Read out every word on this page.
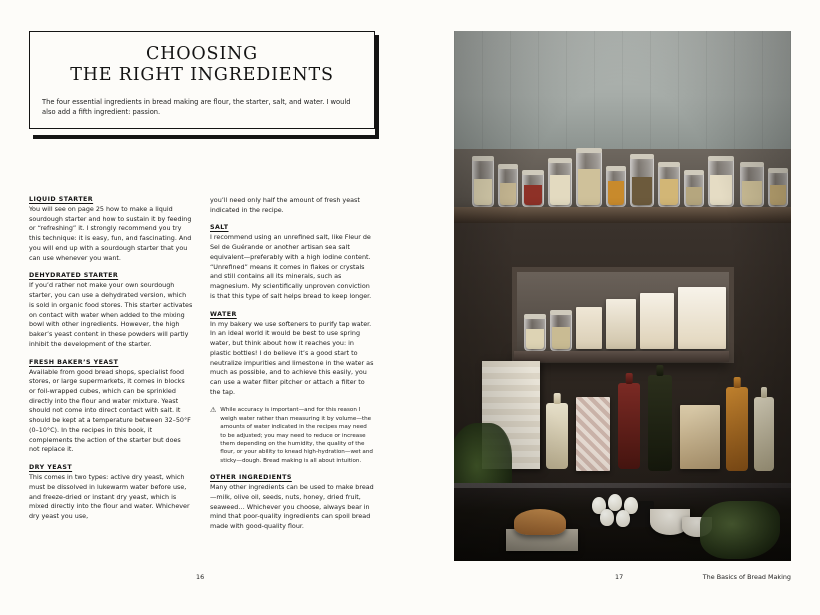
CHOOSING
THE RIGHT INGREDIENTS

The four essential ingredients in bread making are flour, the starter, salt, and water. I would also add a fifth ingredient: passion.

LIQUID STARTER

You will see on page 25 how to make a liquid sourdough starter and how to sustain it by feeding or “refreshing” it. I strongly recommend you try this technique: it is easy, fun, and fascinating. And you will end up with a sourdough starter that you can use whenever you want.

DEHYDRATED STARTER

If you’d rather not make your own sourdough starter, you can use a dehydrated version, which is sold in organic food stores. This starter activates on contact with water when added to the mixing bowl with other ingredients. However, the high baker’s yeast content in these powders will partly inhibit the development of the starter.

FRESH BAKER’S YEAST

Available from good bread shops, specialist food stores, or large supermarkets, it comes in blocks or foil-wrapped cubes, which can be sprinkled directly into the flour and water mixture. Yeast should not come into direct contact with salt. It should be kept at a temperature between 32–50°F (0–10°C). In the recipes in this book, it complements the action of the starter but does not replace it.

DRY YEAST

This comes in two types: active dry yeast, which must be dissolved in lukewarm water before use, and freeze-dried or instant dry yeast, which is mixed directly into the flour and water. Whichever dry yeast you use,

you’ll need only half the amount of fresh yeast indicated in the recipe.

SALT

I recommend using an unrefined salt, like Fleur de Sel de Guérande or another artisan sea salt equivalent—preferably with a high iodine content. “Unrefined” means it comes in flakes or crystals and still contains all its minerals, such as magnesium. My scientifically unproven conviction is that this type of salt helps bread to keep longer.

WATER

In my bakery we use softeners to purify tap water. In an ideal world it would be best to use spring water, but think about how it reaches you: in plastic bottles! I do believe it’s a good start to neutralize impurities and limestone in the water as much as possible, and to achieve this easily, you can use a water filter pitcher or attach a filter to the tap.

⚠ While accuracy is important—and for this reason I weigh water rather than measuring it by volume—the amounts of water indicated in the recipes may need to be adjusted; you may need to reduce or increase them depending on the humidity, the quality of the flour, or your ability to knead high-hydration—wet and sticky—dough. Bread making is all about intuition.
OTHER INGREDIENTS

Many other ingredients can be used to make bread—milk, olive oil, seeds, nuts, honey, dried fruit, seaweed… Whichever you choose, always bear in mind that poor-quality ingredients can spoil bread made with good-quality flour.

16	17	The Basics of Bread Making
